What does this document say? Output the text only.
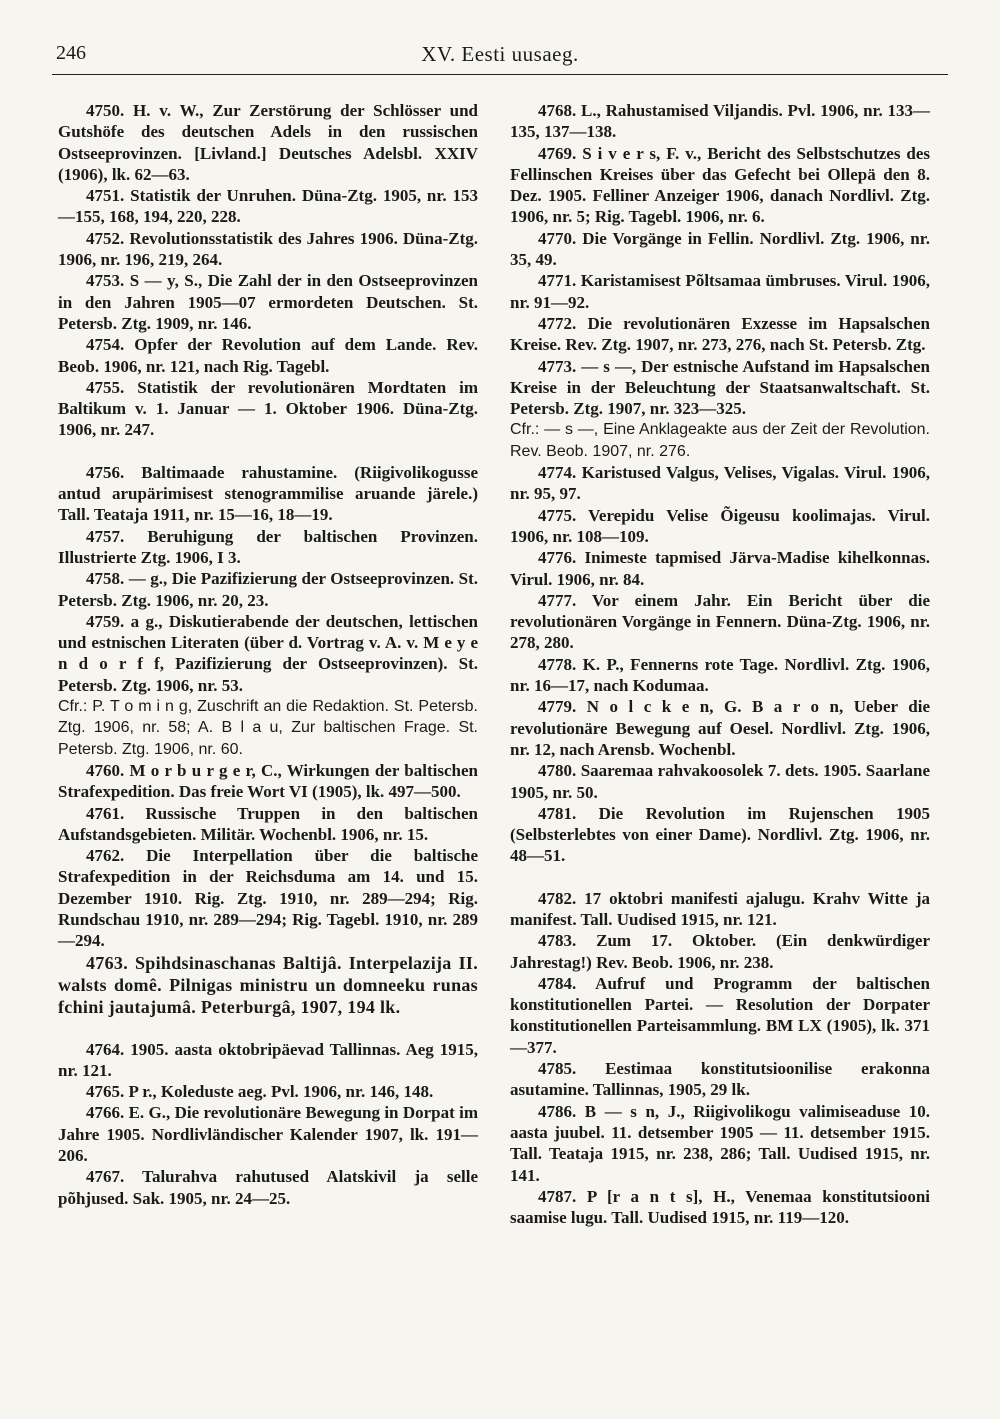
246	XV. Eesti uusaeg.

4750. H. v. W., Zur Zerstörung der Schlösser und Gutshöfe des deutschen Adels in den russischen Ostseeprovinzen. [Livland.] Deutsches Adelsbl. XXIV (1906), lk. 62—63.

4751. Statistik der Unruhen. Düna-Ztg. 1905, nr. 153—155, 168, 194, 220, 228.

4752. Revolutionsstatistik des Jahres 1906. Düna-Ztg. 1906, nr. 196, 219, 264.

4753. S — y, S., Die Zahl der in den Ostseeprovinzen in den Jahren 1905—07 ermordeten Deutschen. St. Petersb. Ztg. 1909, nr. 146.

4754. Opfer der Revolution auf dem Lande. Rev. Beob. 1906, nr. 121, nach Rig. Tagebl.

4755. Statistik der revolutionären Mordtaten im Baltikum v. 1. Januar — 1. Oktober 1906. Düna-Ztg. 1906, nr. 247.

4756. Baltimaade rahustamine. (Riigivolikogusse antud arupärimisest stenogrammilise aruande järele.) Tall. Teataja 1911, nr. 15—16, 18—19.

4757. Beruhigung der baltischen Provinzen. Illustrierte Ztg. 1906, I 3.

4758. — g., Die Pazifizierung der Ostseeprovinzen. St. Petersb. Ztg. 1906, nr. 20, 23.

4759. a g., Diskutierabende der deutschen, lettischen und estnischen Literaten (über d. Vortrag v. A. v. M e y e n d o r f f, Pazifizierung der Ostseeprovinzen). St. Petersb. Ztg. 1906, nr. 53.

Cfr.: P. T o m i n g, Zuschrift an die Redaktion. St. Petersb. Ztg. 1906, nr. 58; A. B l a u, Zur baltischen Frage. St. Petersb. Ztg. 1906, nr. 60.

4760. M o r b u r g e r, C., Wirkungen der baltischen Strafexpedition. Das freie Wort VI (1905), lk. 497—500.

4761. Russische Truppen in den baltischen Aufstandsgebieten. Militär. Wochenbl. 1906, nr. 15.

4762. Die Interpellation über die baltische Strafexpedition in der Reichsduma am 14. und 15. Dezember 1910. Rig. Ztg. 1910, nr. 289—294; Rig. Rundschau 1910, nr. 289—294; Rig. Tagebl. 1910, nr. 289—294.

4763. Spihdsinaschanas Baltijâ. Interpelazija II. walsts domê. Pilnigas ministru un domneeku runas fchini jautajumâ. Peterburgâ, 1907, 194 lk.

4764. 1905. aasta oktobripäevad Tallinnas. Aeg 1915, nr. 121.

4765. P r., Koleduste aeg. Pvl. 1906, nr. 146, 148.

4766. E. G., Die revolutionäre Bewegung in Dorpat im Jahre 1905. Nordlivländischer Kalender 1907, lk. 191—206.

4767. Talurahva rahutused Alatskivil ja selle põhjused. Sak. 1905, nr. 24—25.

4768. L., Rahustamised Viljandis. Pvl. 1906, nr. 133—135, 137—138.

4769. S i v e r s, F. v., Bericht des Selbstschutzes des Fellinschen Kreises über das Gefecht bei Ollepä den 8. Dez. 1905. Felliner Anzeiger 1906, danach Nordlivl. Ztg. 1906, nr. 5; Rig. Tagebl. 1906, nr. 6.

4770. Die Vorgänge in Fellin. Nordlivl. Ztg. 1906, nr. 35, 49.

4771. Karistamisest Põltsamaa ümbruses. Virul. 1906, nr. 91—92.

4772. Die revolutionären Exzesse im Hapsalschen Kreise. Rev. Ztg. 1907, nr. 273, 276, nach St. Petersb. Ztg.

4773. — s —, Der estnische Aufstand im Hapsalschen Kreise in der Beleuchtung der Staatsanwaltschaft. St. Petersb. Ztg. 1907, nr. 323—325.

Cfr.: — s —, Eine Anklageakte aus der Zeit der Revolution. Rev. Beob. 1907, nr. 276.

4774. Karistused Valgus, Velises, Vigalas. Virul. 1906, nr. 95, 97.

4775. Verepidu Velise Õigeusu koolimajas. Virul. 1906, nr. 108—109.

4776. Inimeste tapmised Järva-Madise kihelkonnas. Virul. 1906, nr. 84.

4777. Vor einem Jahr. Ein Bericht über die revolutionären Vorgänge in Fennern. Düna-Ztg. 1906, nr. 278, 280.

4778. K. P., Fennerns rote Tage. Nordlivl. Ztg. 1906, nr. 16—17, nach Kodumaa.

4779. N o l c k e n, G. B a r o n, Ueber die revolutionäre Bewegung auf Oesel. Nordlivl. Ztg. 1906, nr. 12, nach Arensb. Wochenbl.

4780. Saaremaa rahvakoosolek 7. dets. 1905. Saarlane 1905, nr. 50.

4781. Die Revolution im Rujenschen 1905 (Selbsterlebtes von einer Dame). Nordlivl. Ztg. 1906, nr. 48—51.

4782. 17 oktobri manifesti ajalugu. Krahv Witte ja manifest. Tall. Uudised 1915, nr. 121.

4783. Zum 17. Oktober. (Ein denkwürdiger Jahrestag!) Rev. Beob. 1906, nr. 238.

4784. Aufruf und Programm der baltischen konstitutionellen Partei. — Resolution der Dorpater konstitutionellen Parteisammlung. BM LX (1905), lk. 371—377.

4785. Eestimaa konstitutsioonilise erakonna asutamine. Tallinnas, 1905, 29 lk.

4786. B — s n, J., Riigivolikogu valimiseaduse 10. aasta juubel. 11. detsember 1905 — 11. detsember 1915. Tall. Teataja 1915, nr. 238, 286; Tall. Uudised 1915, nr. 141.

4787. P [r a n t s], H., Venemaa konstitutsiooni saamise lugu. Tall. Uudised 1915, nr. 119—120.
